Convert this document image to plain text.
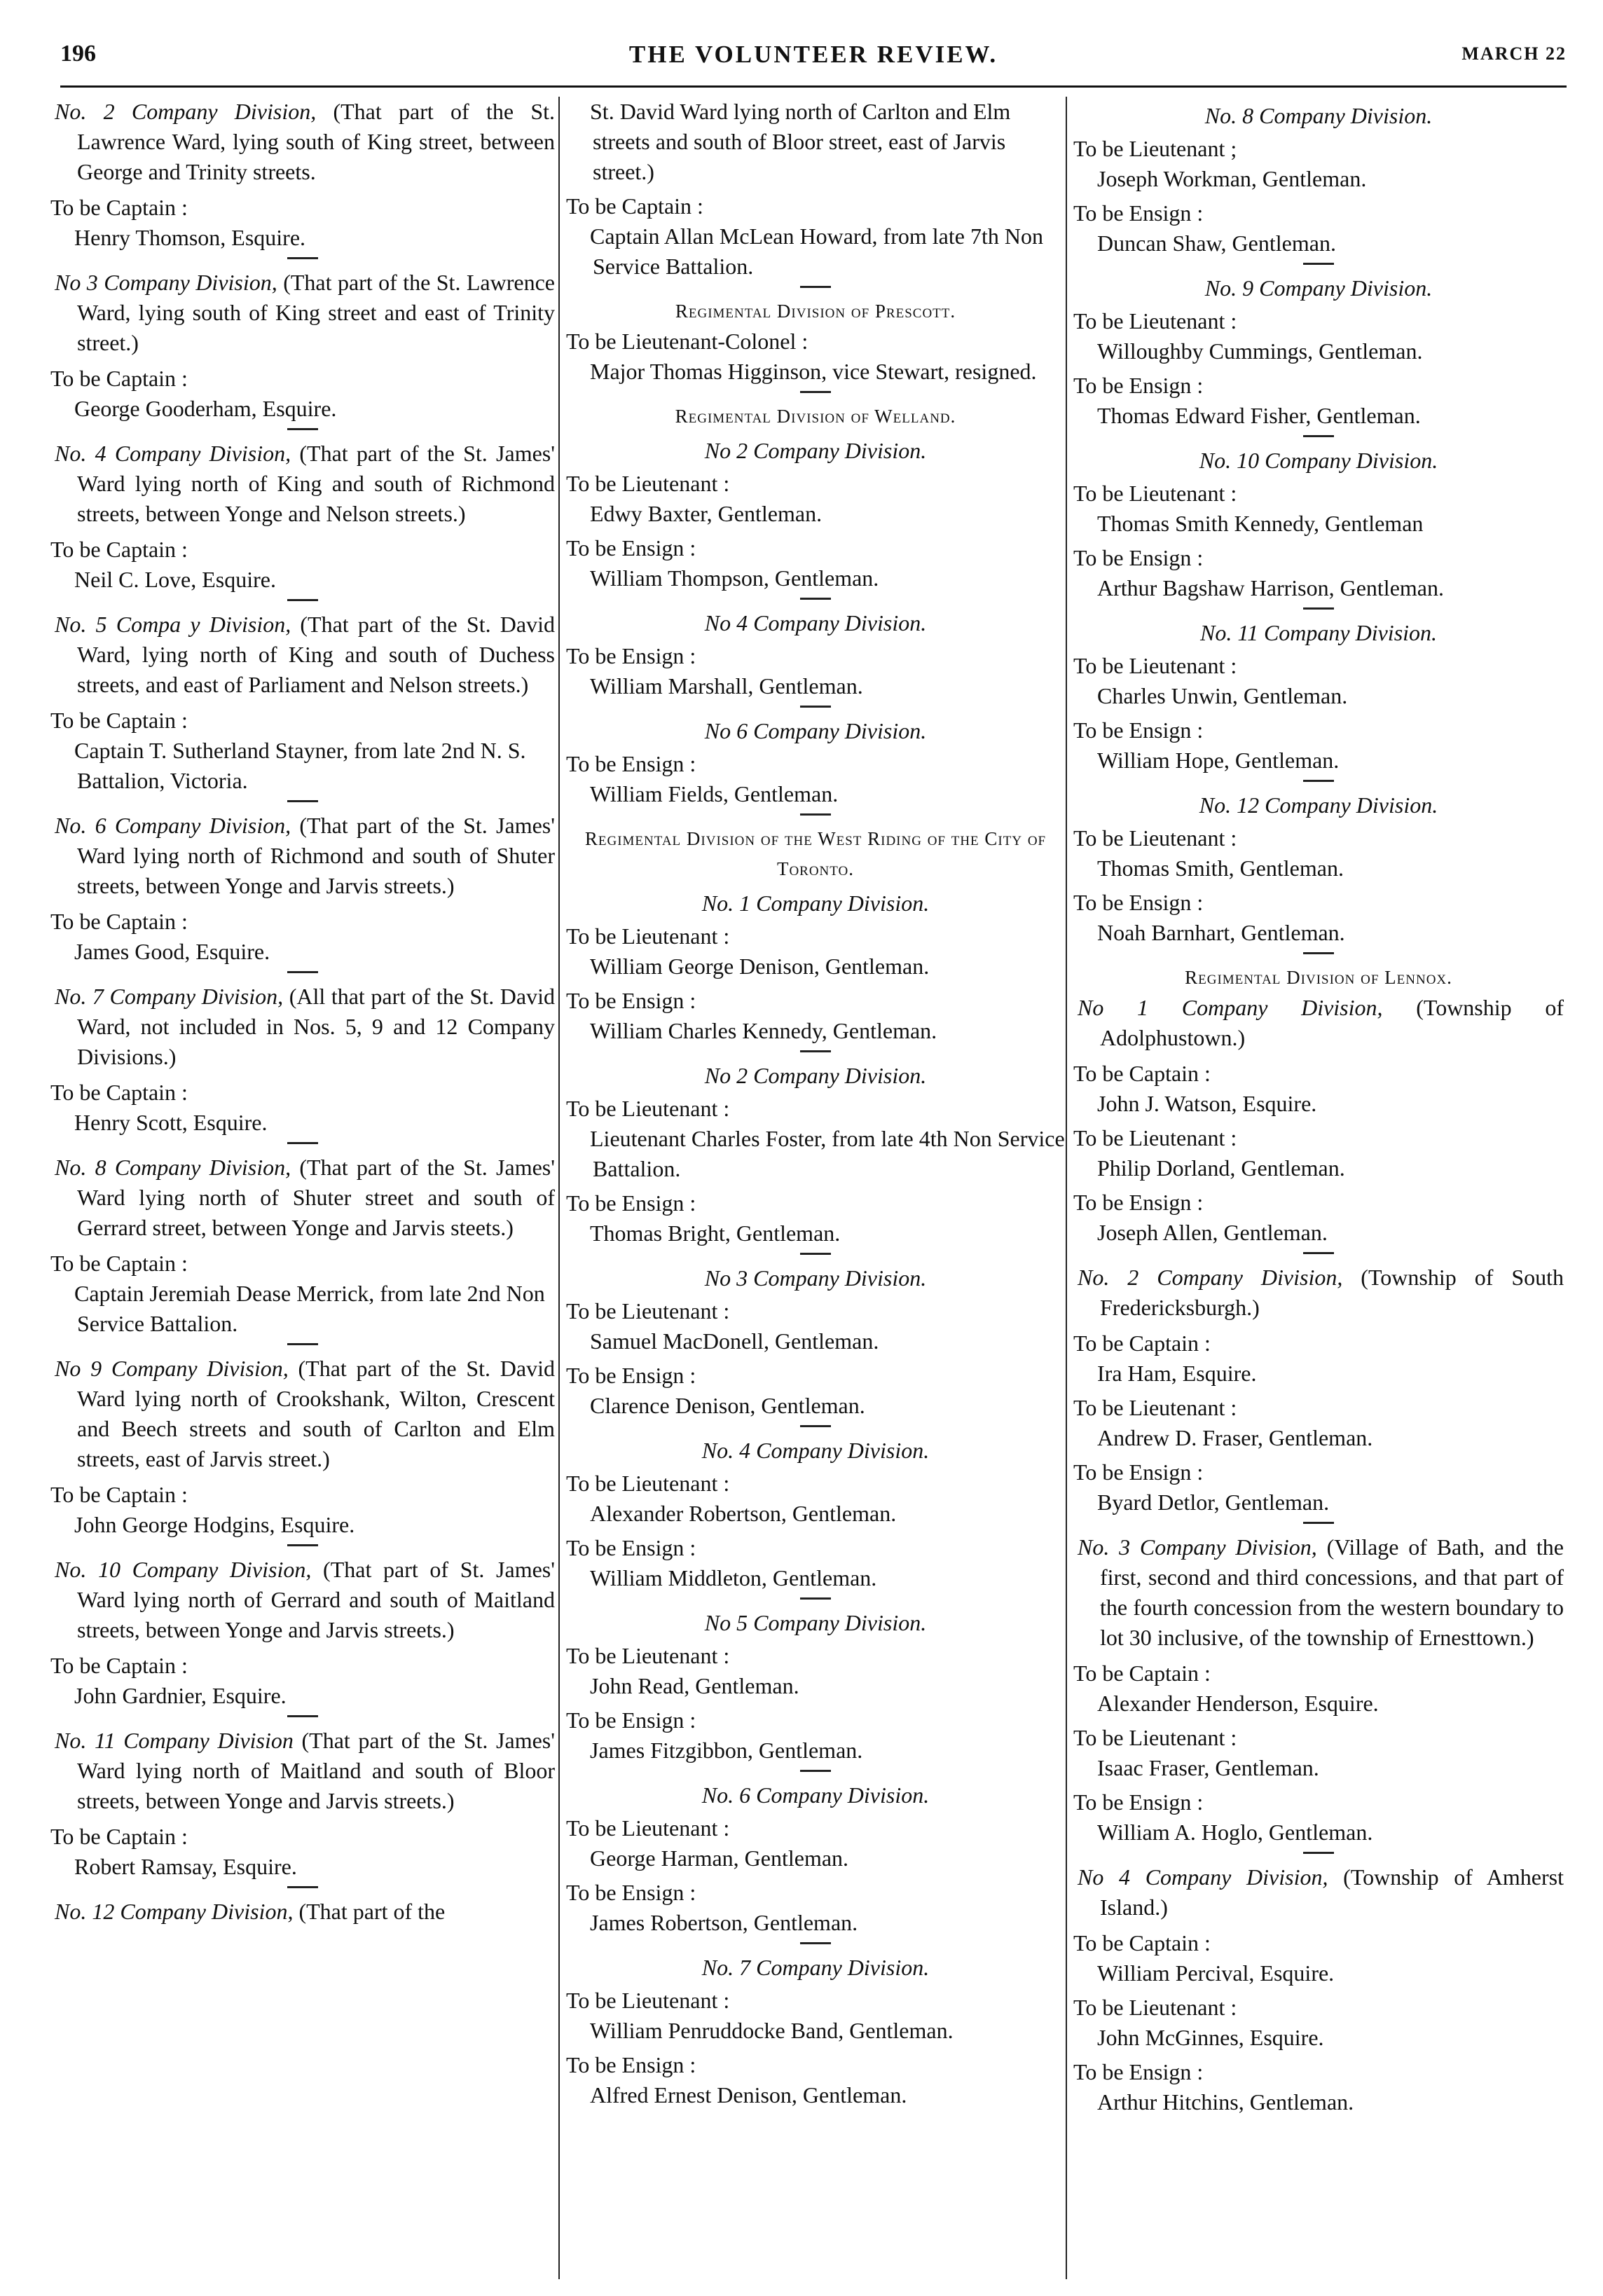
196	THE VOLUNTEER REVIEW.	MARCH 22

No. 2 Company Division, (That part of the St. Lawrence Ward, lying south of King street, between George and Trinity streets.

To be Captain :
Henry Thomson, Esquire.

No 3 Company Division, (That part of the St. Lawrence Ward, lying south of King street and east of Trinity street.)

To be Captain :
George Gooderham, Esquire.

No. 4 Company Division, (That part of the St. James' Ward lying north of King and south of Richmond streets, between Yonge and Nelson streets.)

To be Captain :
Neil C. Love, Esquire.

No. 5 Compa y Division, (That part of the St. David Ward, lying north of King and south of Duchess streets, and east of Parliament and Nelson streets.)

To be Captain :
Captain T. Sutherland Stayner, from late 2nd N. S. Battalion, Victoria.

No. 6 Company Division, (That part of the St. James' Ward lying north of Richmond and south of Shuter streets, between Yonge and Jarvis streets.)

To be Captain :
James Good, Esquire.

No. 7 Company Division, (All that part of the St. David Ward, not included in Nos. 5, 9 and 12 Company Divisions.)

To be Captain :
Henry Scott, Esquire.

No. 8 Company Division, (That part of the St. James' Ward lying north of Shuter street and south of Gerrard street, between Yonge and Jarvis steets.)

To be Captain :
Captain Jeremiah Dease Merrick, from late 2nd Non Service Battalion.

No 9 Company Division, (That part of the St. David Ward lying north of Crookshank, Wilton, Crescent and Beech streets and south of Carlton and Elm streets, east of Jarvis street.)

To be Captain :
John George Hodgins, Esquire.

No. 10 Company Division, (That part of St. James' Ward lying north of Gerrard and south of Maitland streets, between Yonge and Jarvis streets.)

To be Captain :
John Gardnier, Esquire.

No. 11 Company Division (That part of the St. James' Ward lying north of Maitland and south of Bloor streets, between Yonge and Jarvis streets.)

To be Captain :
Robert Ramsay, Esquire.

No. 12 Company Division, (That part of the

St. David Ward lying north of Carlton and Elm streets and south of Bloor street, east of Jarvis street.)
To be Captain :
Captain Allan McLean Howard, from late 7th Non Service Battalion.
Regimental Division of Prescott.
To be Lieutenant-Colonel :
Major Thomas Higginson, vice Stewart, resigned.
Regimental Division of Welland.
No 2 Company Division.
To be Lieutenant :
Edwy Baxter, Gentleman.
To be Ensign :
William Thompson, Gentleman.
No 4 Company Division.
To be Ensign :
William Marshall, Gentleman.
No 6 Company Division.
To be Ensign :
William Fields, Gentleman.
Regimental Division of the West Riding of the City of Toronto.
No. 1 Company Division.
To be Lieutenant :
William George Denison, Gentleman.
To be Ensign :
William Charles Kennedy, Gentleman.
No 2 Company Division.
To be Lieutenant :
Lieutenant Charles Foster, from late 4th Non Service Battalion.
To be Ensign :
Thomas Bright, Gentleman.
No 3 Company Division.
To be Lieutenant :
Samuel MacDonell, Gentleman.
To be Ensign :
Clarence Denison, Gentleman.
No. 4 Company Division.
To be Lieutenant :
Alexander Robertson, Gentleman.
To be Ensign :
William Middleton, Gentleman.
No 5 Company Division.
To be Lieutenant :
John Read, Gentleman.
To be Ensign :
James Fitzgibbon, Gentleman.
No. 6 Company Division.
To be Lieutenant :
George Harman, Gentleman.
To be Ensign :
James Robertson, Gentleman.
No. 7 Company Division.
To be Lieutenant :
William Penruddocke Band, Gentleman.
To be Ensign :
Alfred Ernest Denison, Gentleman.
No. 8 Company Division.
To be Lieutenant ;
Joseph Workman, Gentleman.
To be Ensign :
Duncan Shaw, Gentleman.
No. 9 Company Division.
To be Lieutenant :
Willoughby Cummings, Gentleman.
To be Ensign :
Thomas Edward Fisher, Gentleman.
No. 10 Company Division.
To be Lieutenant :
Thomas Smith Kennedy, Gentleman
To be Ensign :
Arthur Bagshaw Harrison, Gentleman.
No. 11 Company Division.
To be Lieutenant :
Charles Unwin, Gentleman.
To be Ensign :
William Hope, Gentleman.
No. 12 Company Division.
To be Lieutenant :
Thomas Smith, Gentleman.
To be Ensign :
Noah Barnhart, Gentleman.
Regimental Division of Lennox.

No 1 Company Division, (Township of Adolphustown.)

To be Captain :
John J. Watson, Esquire.
To be Lieutenant :
Philip Dorland, Gentleman.
To be Ensign :
Joseph Allen, Gentleman.

No. 2 Company Division, (Township of South Fredericksburgh.)

To be Captain :
Ira Ham, Esquire.
To be Lieutenant :
Andrew D. Fraser, Gentleman.
To be Ensign :
Byard Detlor, Gentleman.

No. 3 Company Division, (Village of Bath, and the first, second and third concessions, and that part of the fourth concession from the western boundary to lot 30 inclusive, of the township of Ernesttown.)

To be Captain :
Alexander Henderson, Esquire.
To be Lieutenant :
Isaac Fraser, Gentleman.
To be Ensign :
William A. Hoglo, Gentleman.

No 4 Company Division, (Township of Amherst Island.)

To be Captain :
William Percival, Esquire.
To be Lieutenant :
John McGinnes, Esquire.
To be Ensign :
Arthur Hitchins, Gentleman.
